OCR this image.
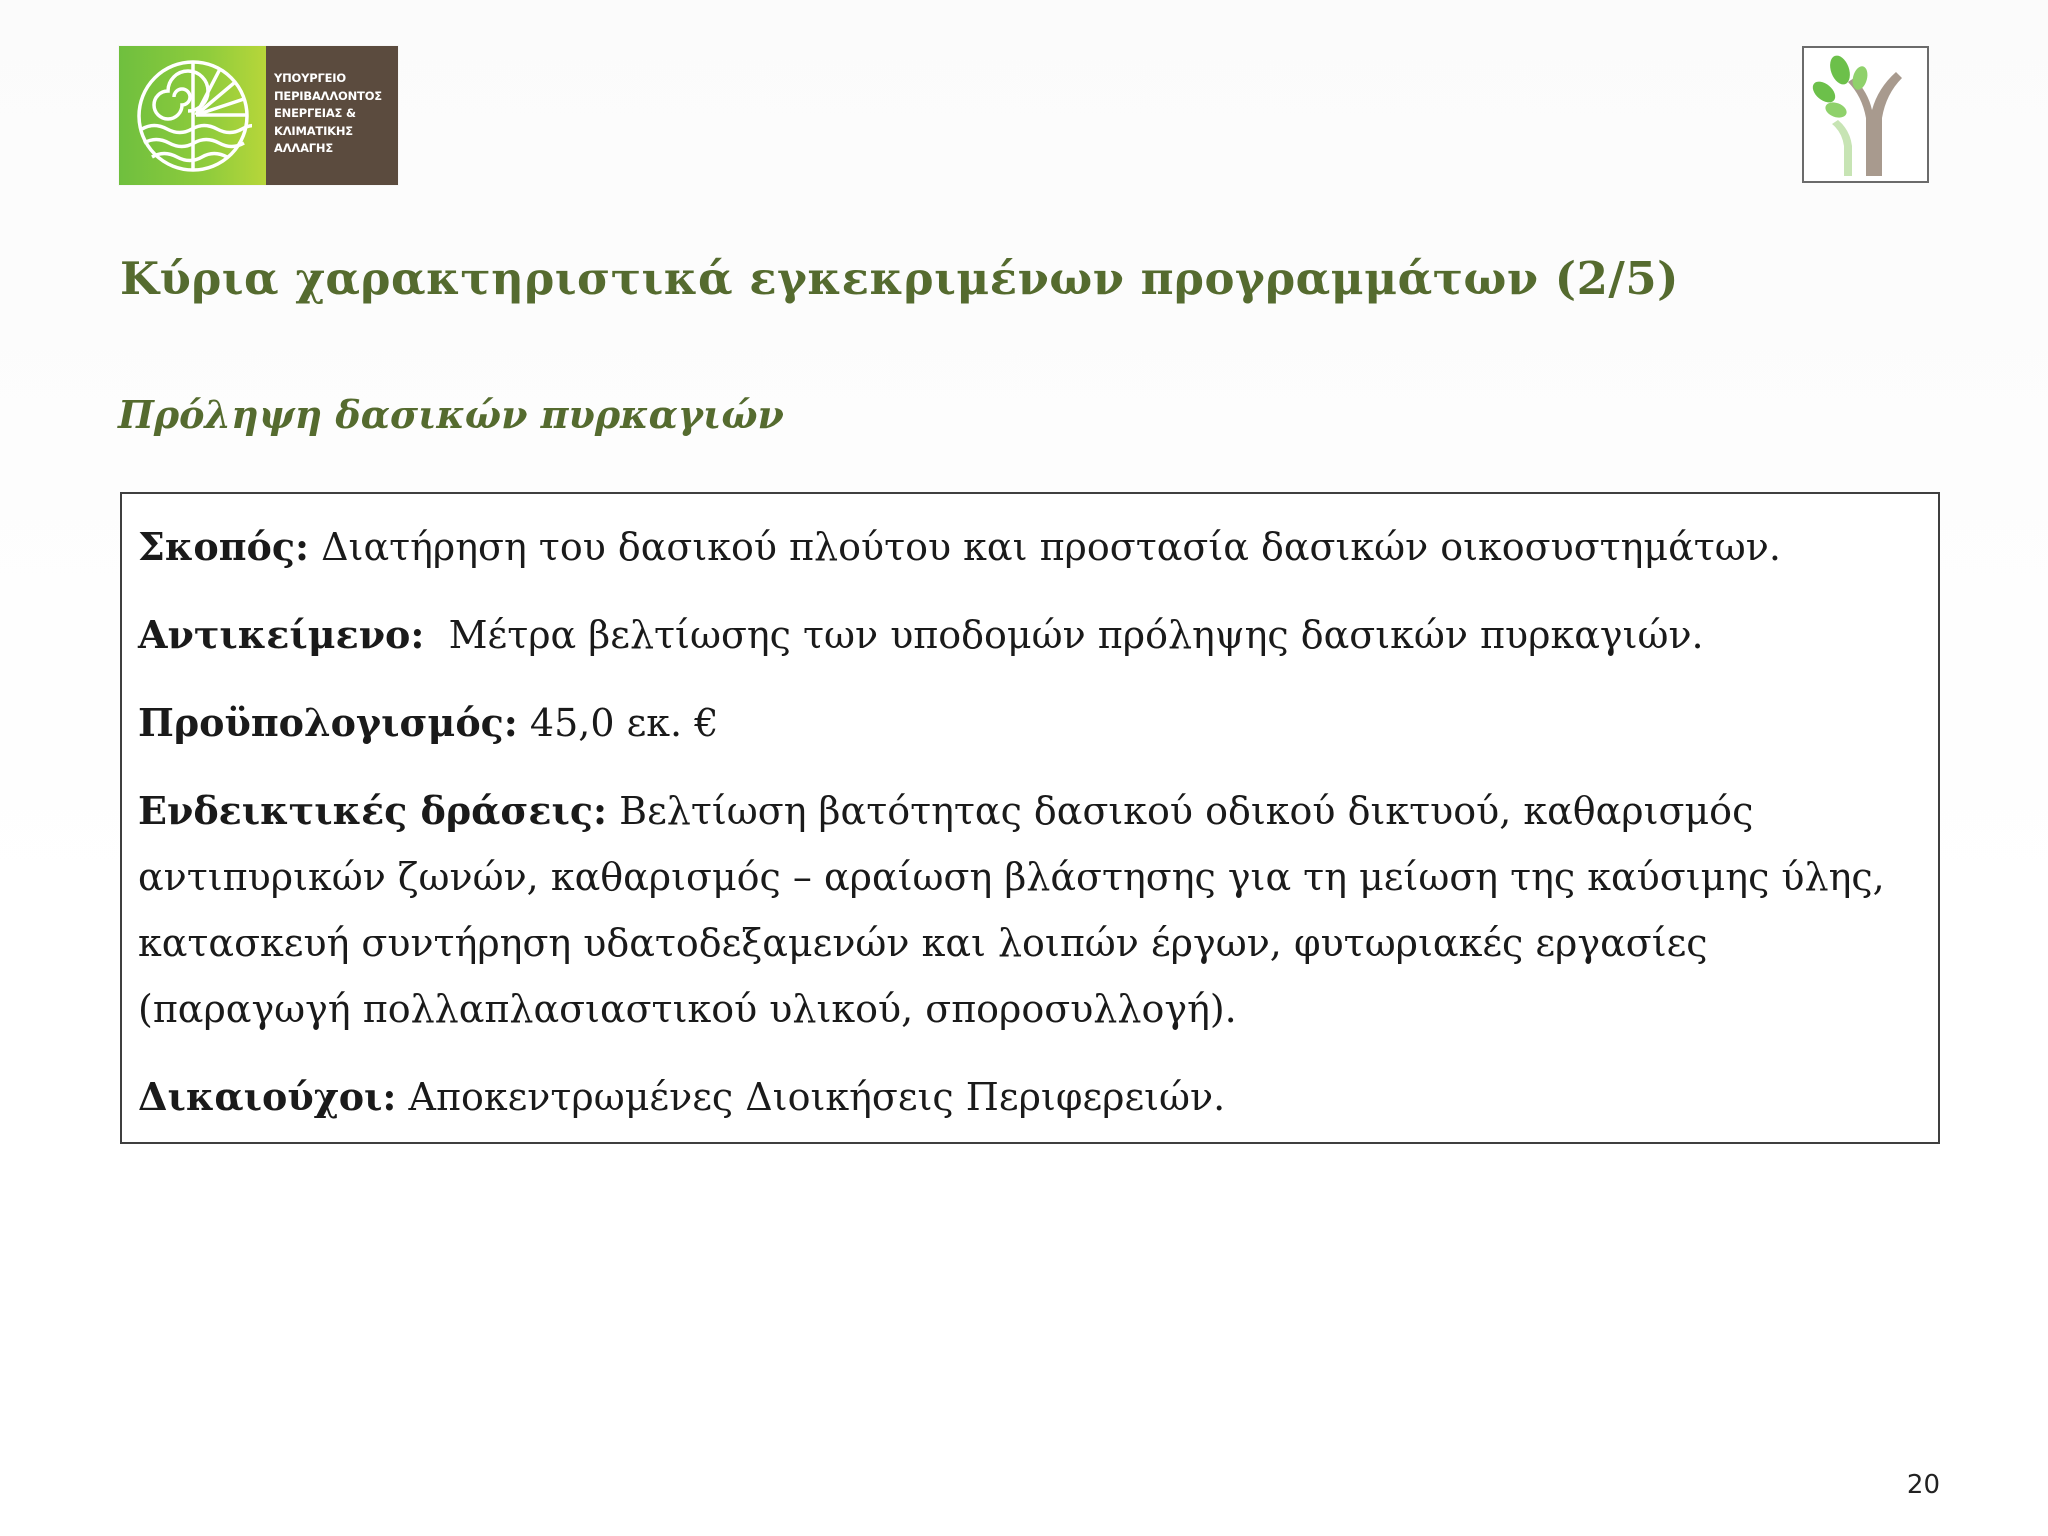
ΥΠΟΥΡΓΕΙΟ
ΠΕΡΙΒΑΛΛΟΝΤΟΣ
ΕΝΕΡΓΕΙΑΣ &
ΚΛΙΜΑΤΙΚΗΣ
ΑΛΛΑΓΗΣ
Κύρια χαρακτηριστικά εγκεκριμένων προγραμμάτων (2/5)
Πρόληψη δασικών πυρκαγιών

Σκοπός: Διατήρηση του δασικού πλούτου και προστασία δασικών οικοσυστημάτων.

Αντικείμενο:  Μέτρα βελτίωσης των υποδομών πρόληψης δασικών πυρκαγιών.

Προϋπολογισμός: 45,0 εκ. €

Ενδεικτικές δράσεις: Βελτίωση βατότητας δασικού οδικού δικτυού, καθαρισμός αντιπυρικών ζωνών, καθαρισμός – αραίωση βλάστησης για τη μείωση της καύσιμης ύλης, κατασκευή συντήρηση υδατοδεξαμενών και λοιπών έργων, φυτωριακές εργασίες (παραγωγή πολλαπλασιαστικού υλικού, σποροσυλλογή).

Δικαιούχοι: Αποκεντρωμένες Διοικήσεις Περιφερειών.

20
